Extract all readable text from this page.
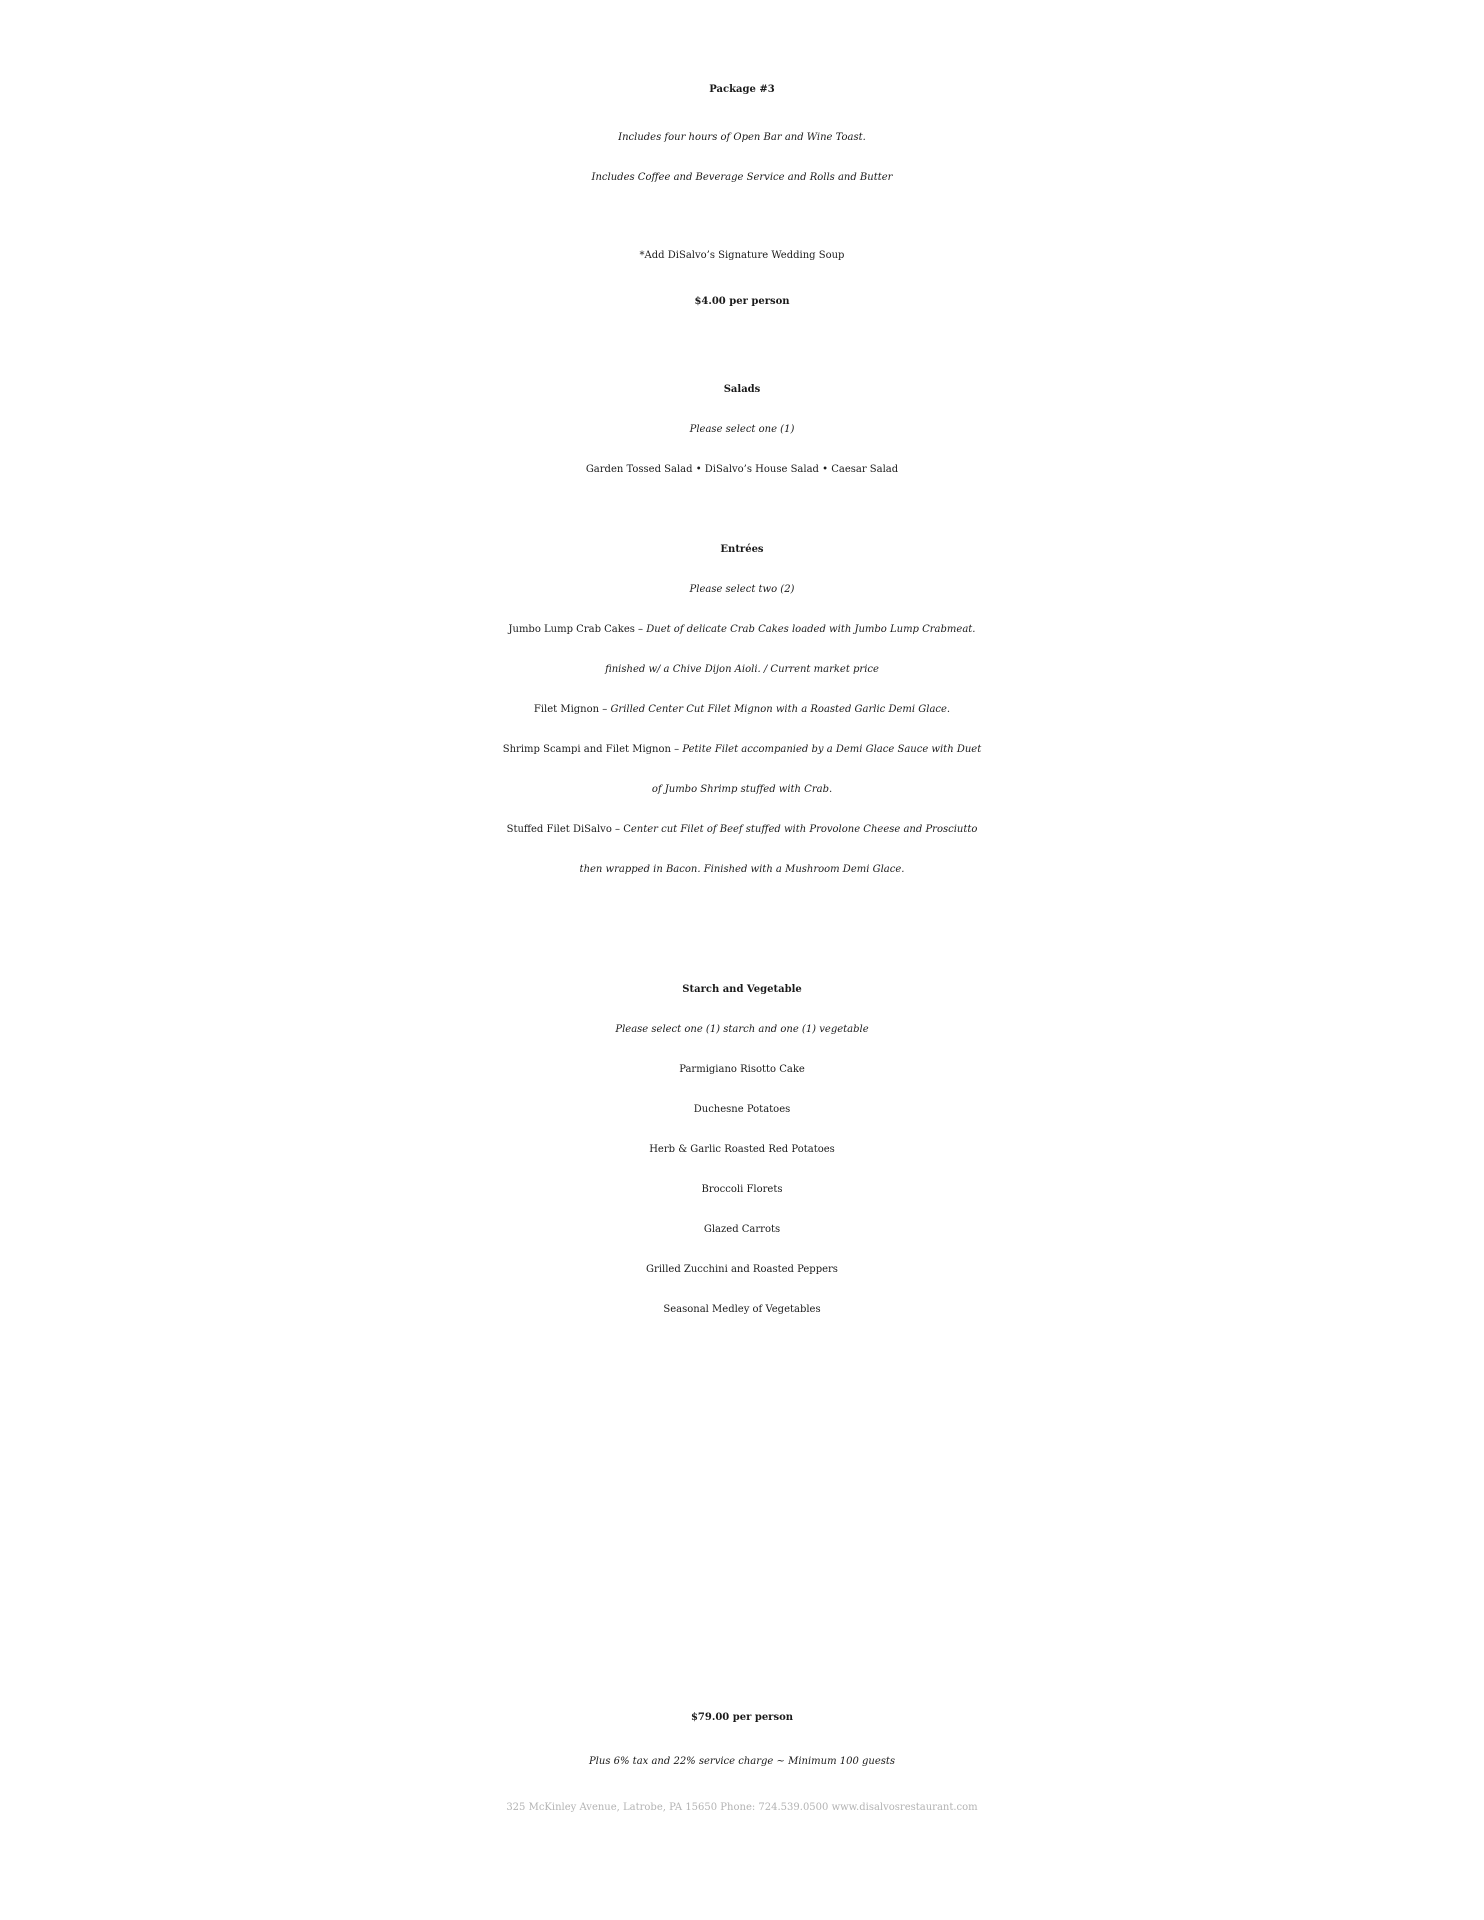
Package #3
Includes four hours of Open Bar and Wine Toast.
Includes Coffee and Beverage Service and Rolls and Butter
*Add DiSalvo’s Signature Wedding Soup
$4.00 per person
Salads
Please select one (1)
Garden Tossed Salad • DiSalvo’s House Salad • Caesar Salad
Entrées
Please select two (2)
Jumbo Lump Crab Cakes – Duet of delicate Crab Cakes loaded with Jumbo Lump Crabmeat.
finished w/ a Chive Dijon Aioli. / Current market price
Filet Mignon – Grilled Center Cut Filet Mignon with a Roasted Garlic Demi Glace.
Shrimp Scampi and Filet Mignon – Petite Filet accompanied by a Demi Glace Sauce with Duet
of Jumbo Shrimp stuffed with Crab.
Stuffed Filet DiSalvo – Center cut Filet of Beef stuffed with Provolone Cheese and Prosciutto
then wrapped in Bacon. Finished with a Mushroom Demi Glace.
Starch and Vegetable
Please select one (1) starch and one (1) vegetable
Parmigiano Risotto Cake
Duchesne Potatoes
Herb & Garlic Roasted Red Potatoes
Broccoli Florets
Glazed Carrots
Grilled Zucchini and Roasted Peppers
Seasonal Medley of Vegetables
$79.00 per person
Plus 6% tax and 22% service charge ~ Minimum 100 guests
325 McKinley Avenue, Latrobe, PA 15650 Phone: 724.539.0500 www.disalvosrestaurant.com
